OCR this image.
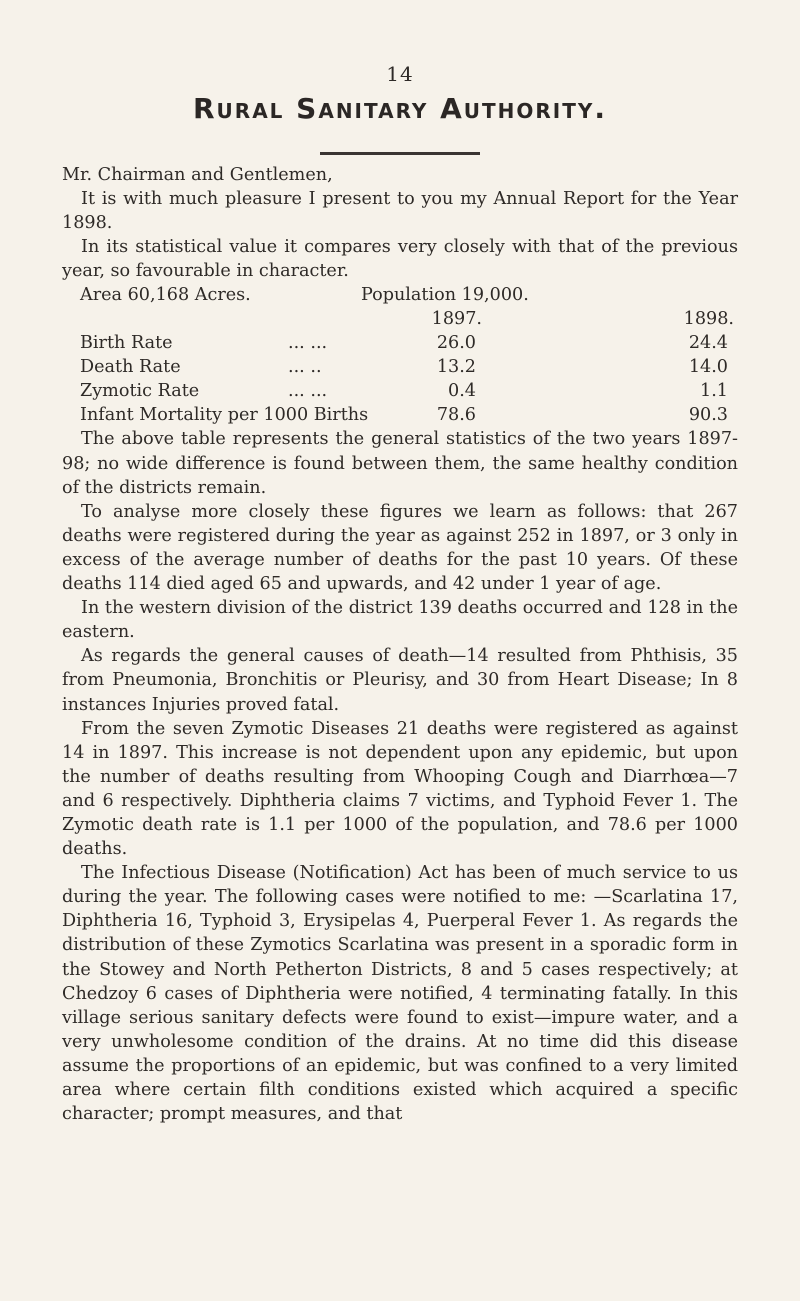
14
Rural Sanitary Authority.

Mr. Chairman and Gentlemen,

It is with much pleasure I present to you my Annual Report for the Year 1898.

In its statistical value it compares very closely with that of the previous year, so favourable in character.

Area 60,168 Acres.	Population 19,000.
1897.	1898.
Birth Rate	... ...	26.0	24.4
Death Rate	... ..	13.2	14.0
Zymotic Rate	... ...	0.4	1.1
Infant Mortality per 1000 Births	78.6	90.3

The above table represents the general statistics of the two years 1897-98; no wide difference is found between them, the same healthy condition of the districts remain.

To analyse more closely these figures we learn as follows: that 267 deaths were registered during the year as against 252 in 1897, or 3 only in excess of the average number of deaths for the past 10 years. Of these deaths 114 died aged 65 and upwards, and 42 under 1 year of age.

In the western division of the district 139 deaths occurred and 128 in the eastern.

As regards the general causes of death—14 resulted from Phthisis, 35 from Pneumonia, Bronchitis or Pleurisy, and 30 from Heart Disease; In 8 instances Injuries proved fatal.

From the seven Zymotic Diseases 21 deaths were registered as against 14 in 1897. This increase is not dependent upon any epidemic, but upon the number of deaths resulting from Whooping Cough and Diarrhœa—7 and 6 respectively. Diphtheria claims 7 victims, and Typhoid Fever 1. The Zymotic death rate is 1.1 per 1000 of the population, and 78.6 per 1000 deaths.

The Infectious Disease (Notification) Act has been of much service to us during the year. The following cases were notified to me: —Scarlatina 17, Diphtheria 16, Typhoid 3, Erysipelas 4, Puerperal Fever 1. As regards the distribution of these Zymotics Scarlatina was present in a sporadic form in the Stowey and North Petherton Districts, 8 and 5 cases respectively; at Chedzoy 6 cases of Diphtheria were notified, 4 terminating fatally. In this village serious sanitary defects were found to exist—impure water, and a very unwholesome condition of the drains. At no time did this disease assume the proportions of an epidemic, but was confined to a very limited area where certain filth conditions existed which acquired a specific character; prompt measures, and that
